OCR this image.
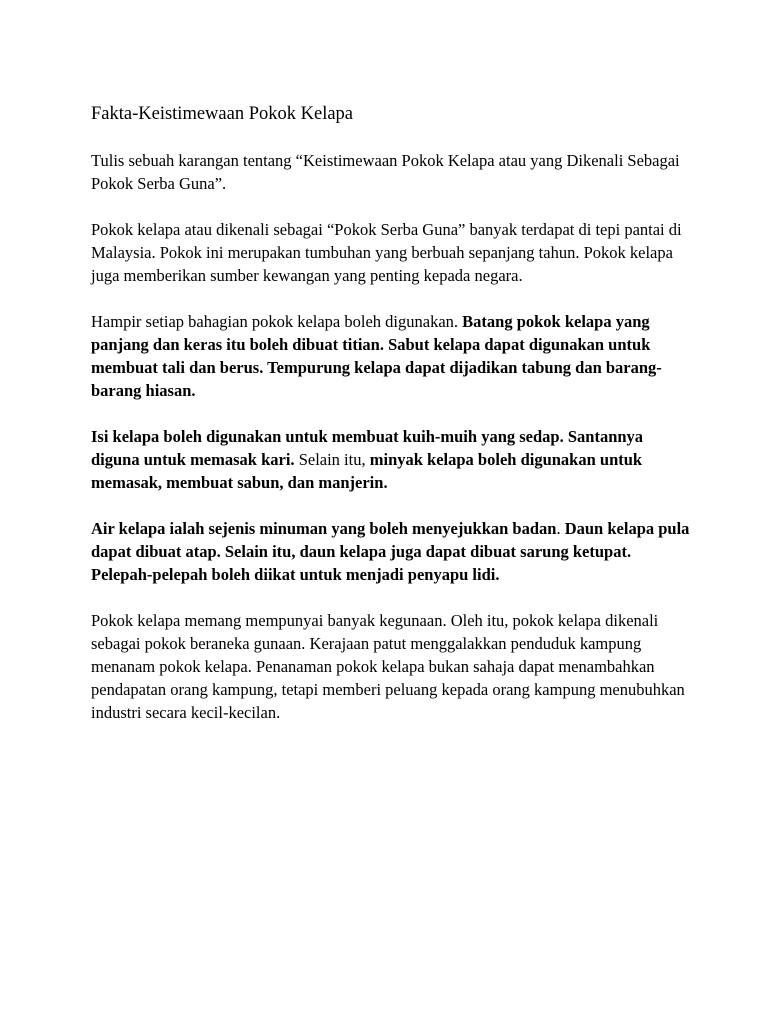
Fakta-Keistimewaan Pokok Kelapa

Tulis sebuah karangan tentang “Keistimewaan Pokok Kelapa atau yang Dikenali Sebagai Pokok Serba Guna”.

Pokok kelapa atau dikenali sebagai “Pokok Serba Guna” banyak terdapat di tepi pantai di Malaysia. Pokok ini merupakan tumbuhan yang berbuah sepanjang tahun. Pokok kelapa juga memberikan sumber kewangan yang penting kepada negara.

Hampir setiap bahagian pokok kelapa boleh digunakan. Batang pokok kelapa yang panjang dan keras itu boleh dibuat titian. Sabut kelapa dapat digunakan untuk membuat tali dan berus. Tempurung kelapa dapat dijadikan tabung dan barang-barang hiasan.

Isi kelapa boleh digunakan untuk membuat kuih-muih yang sedap. Santannya diguna untuk memasak kari. Selain itu, minyak kelapa boleh digunakan untuk memasak, membuat sabun, dan manjerin.

Air kelapa ialah sejenis minuman yang boleh menyejukkan badan. Daun kelapa pula dapat dibuat atap. Selain itu, daun kelapa juga dapat dibuat sarung ketupat. Pelepah-pelepah boleh diikat untuk menjadi penyapu lidi.

Pokok kelapa memang mempunyai banyak kegunaan. Oleh itu, pokok kelapa dikenali sebagai pokok beraneka gunaan. Kerajaan patut menggalakkan penduduk kampung menanam pokok kelapa. Penanaman pokok kelapa bukan sahaja dapat menambahkan pendapatan orang kampung, tetapi memberi peluang kepada orang kampung menubuhkan industri secara kecil-kecilan.
